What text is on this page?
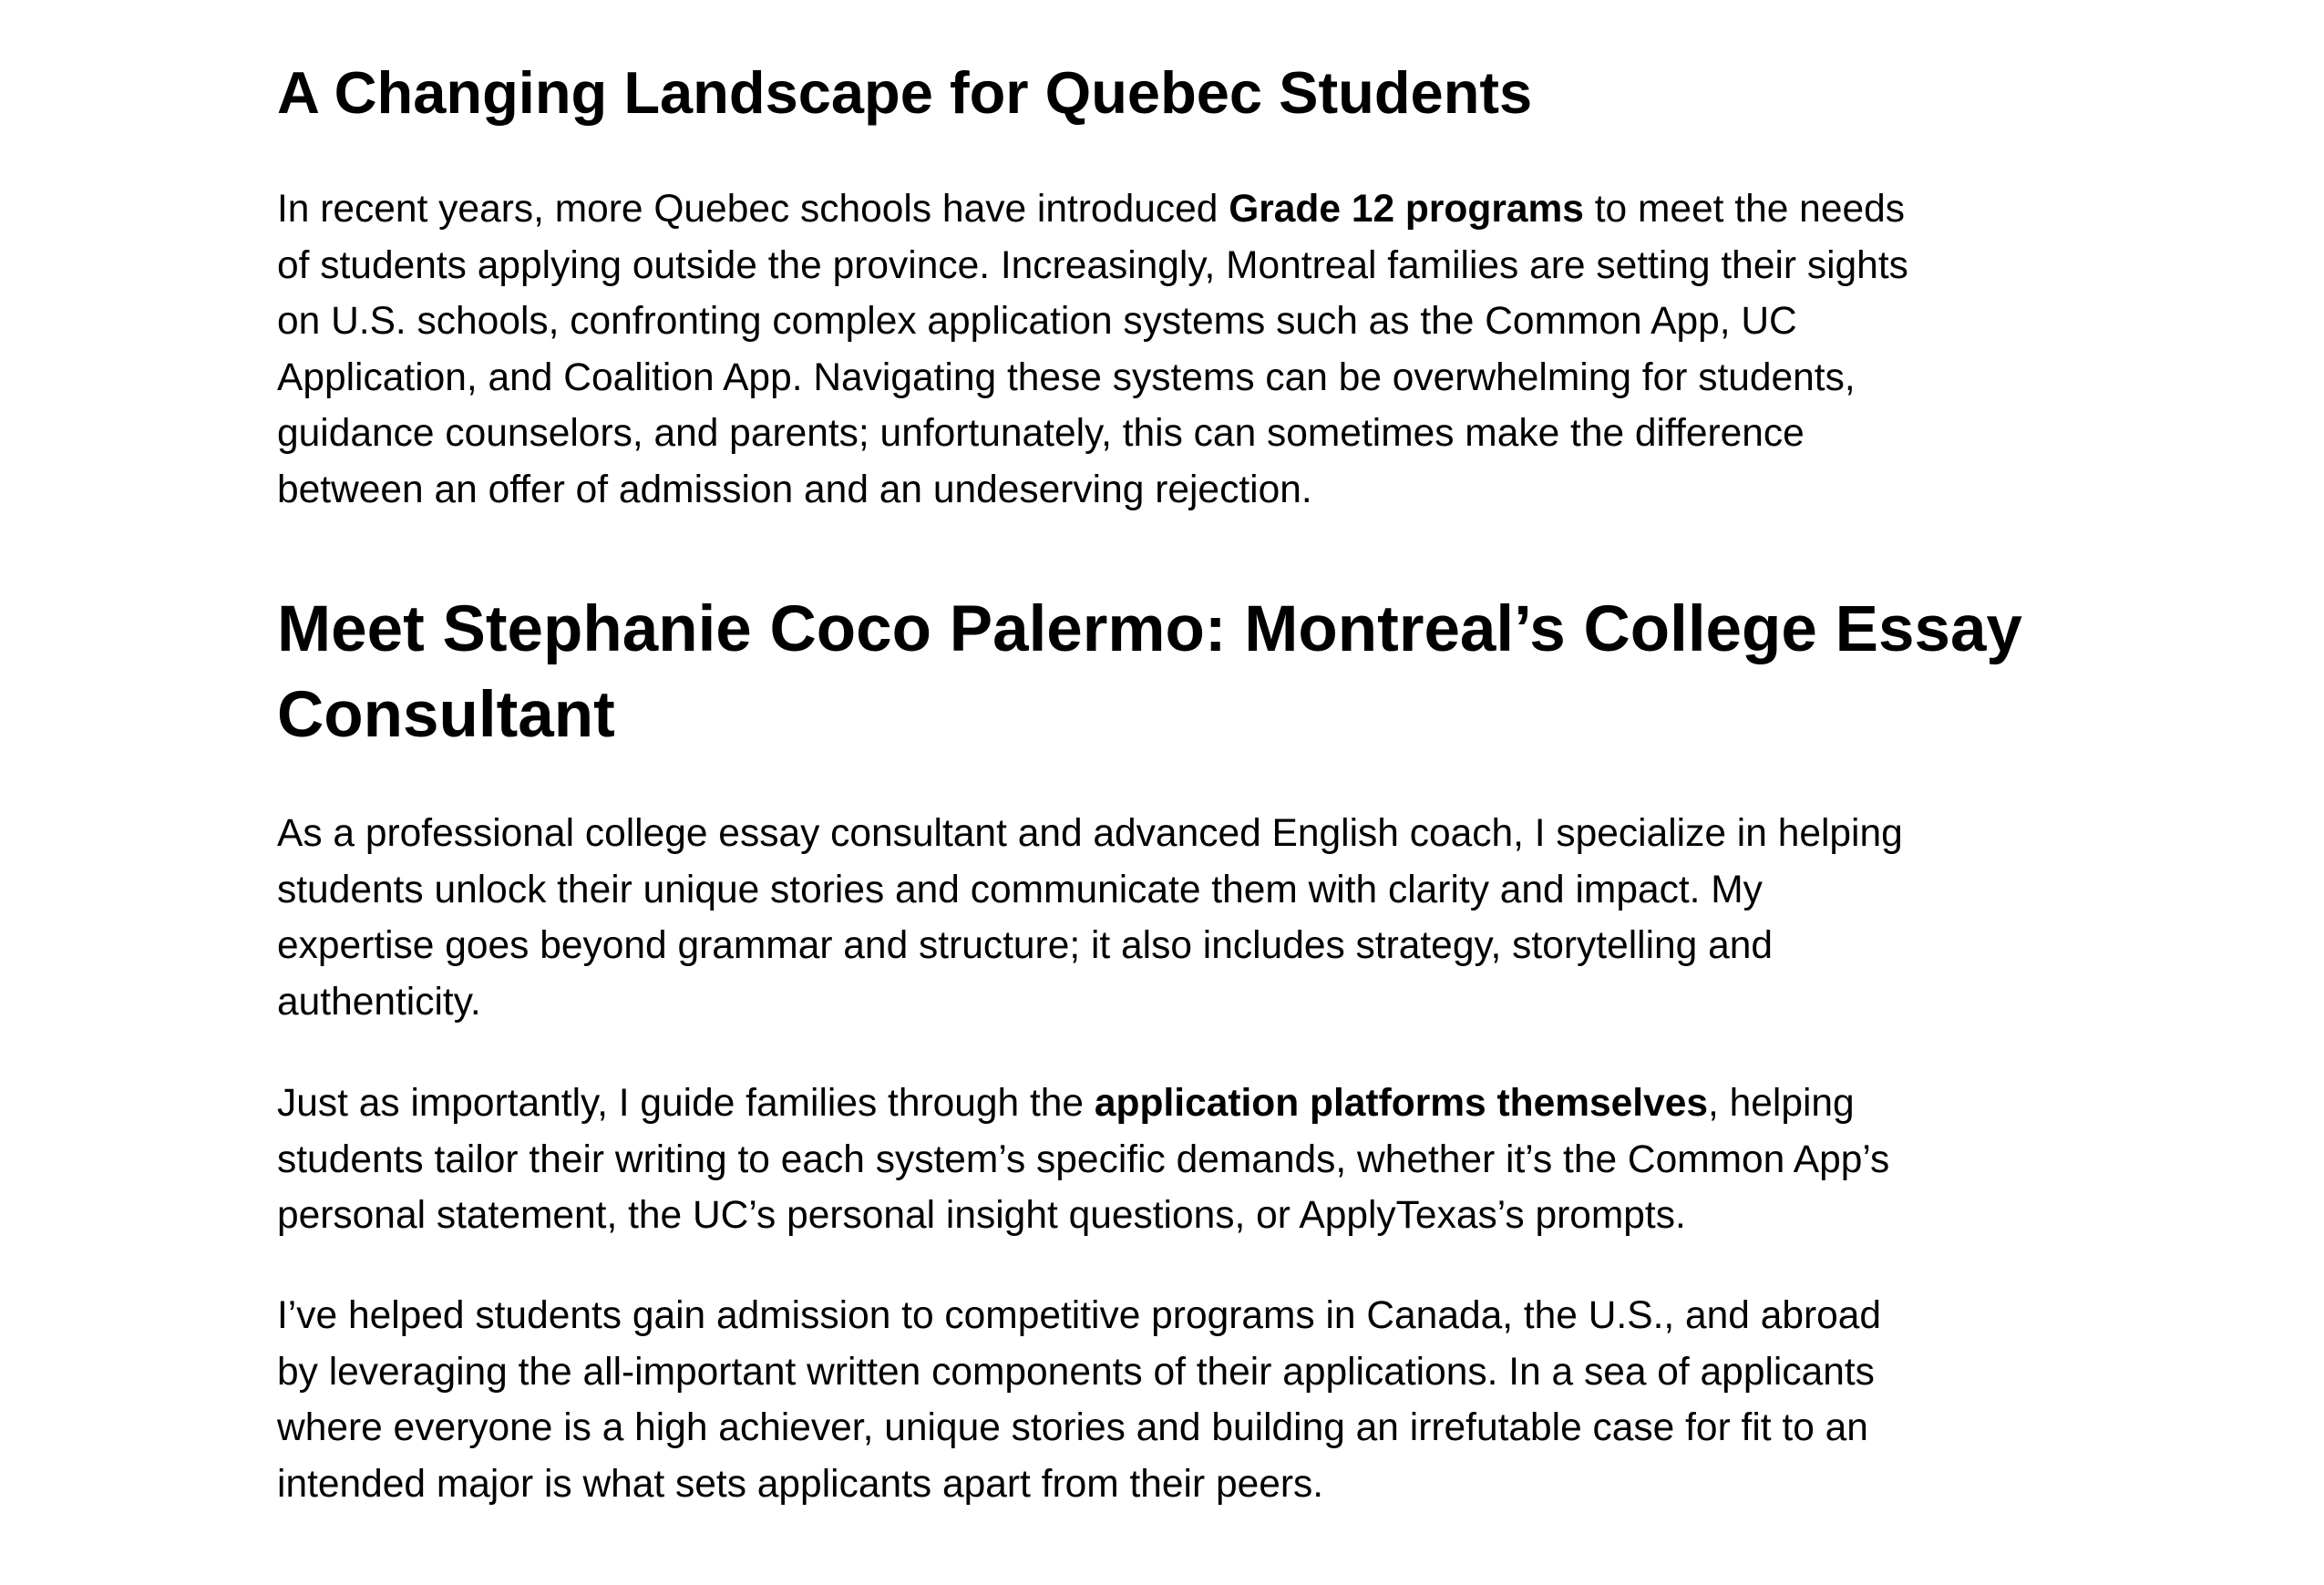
A Changing Landscape for Quebec Students
In recent years, more Quebec schools have introduced Grade 12 programs to meet the needs
of students applying outside the province. Increasingly, Montreal families are setting their sights
on U.S. schools, confronting complex application systems such as the Common App, UC
Application, and Coalition App. Navigating these systems can be overwhelming for students,
guidance counselors, and parents; unfortunately, this can sometimes make the difference
between an offer of admission and an undeserving rejection.
Meet Stephanie Coco Palermo: Montreal’s College Essay
Consultant
As a professional college essay consultant and advanced English coach, I specialize in helping
students unlock their unique stories and communicate them with clarity and impact. My
expertise goes beyond grammar and structure; it also includes strategy, storytelling and
authenticity.
Just as importantly, I guide families through the application platforms themselves, helping
students tailor their writing to each system’s specific demands, whether it’s the Common App’s
personal statement, the UC’s personal insight questions, or ApplyTexas’s prompts.
I’ve helped students gain admission to competitive programs in Canada, the U.S., and abroad
by leveraging the all-important written components of their applications. In a sea of applicants
where everyone is a high achiever, unique stories and building an irrefutable case for fit to an
intended major is what sets applicants apart from their peers.
